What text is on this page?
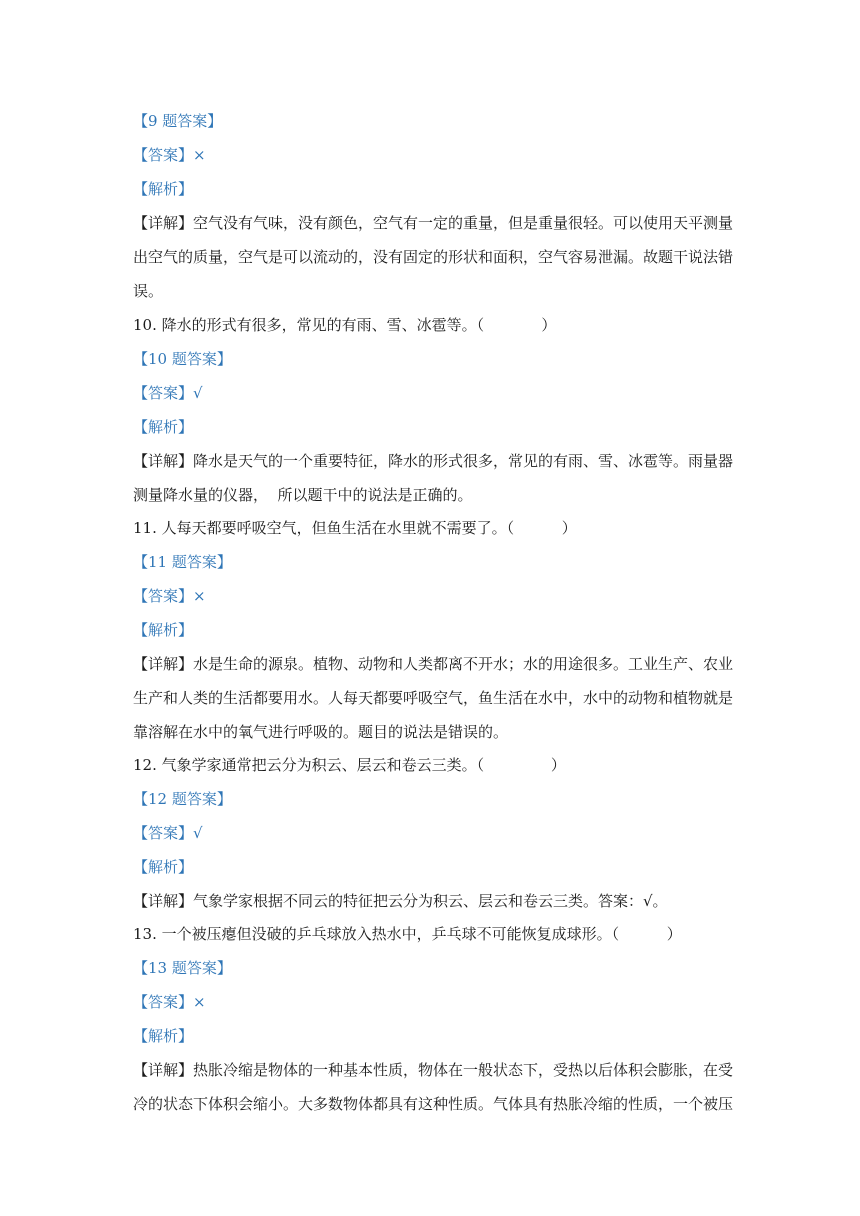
【9 题答案】
【答案】×
【解析】
【详解】空气没有气味，没有颜色，空气有一定的重量，但是重量很轻。可以使用天平测量
出空气的质量，空气是可以流动的，没有固定的形状和面积，空气容易泄漏。故题干说法错
误。
10. 降水的形式有很多，常见的有雨、雪、冰雹等。（            ）
【10 题答案】
【答案】√
【解析】
【详解】降水是天气的一个重要特征，降水的形式很多，常见的有雨、雪、冰雹等。雨量器
测量降水量的仪器，  所以题干中的说法是正确的。
11. 人每天都要呼吸空气，但鱼生活在水里就不需要了。（          ）
【11 题答案】
【答案】×
【解析】
【详解】水是生命的源泉。植物、动物和人类都离不开水；水的用途很多。工业生产、农业
生产和人类的生活都要用水。人每天都要呼吸空气，鱼生活在水中，水中的动物和植物就是
靠溶解在水中的氧气进行呼吸的。题目的说法是错误的。
12. 气象学家通常把云分为积云、层云和卷云三类。（              ）
【12 题答案】
【答案】√
【解析】
【详解】气象学家根据不同云的特征把云分为积云、层云和卷云三类。答案：√。
13. 一个被压瘪但没破的乒乓球放入热水中，乒乓球不可能恢复成球形。（          ）
【13 题答案】
【答案】×
【解析】
【详解】热胀冷缩是物体的一种基本性质，物体在一般状态下，受热以后体积会膨胀，在受
冷的状态下体积会缩小。大多数物体都具有这种性质。气体具有热胀冷缩的性质，一个被压
